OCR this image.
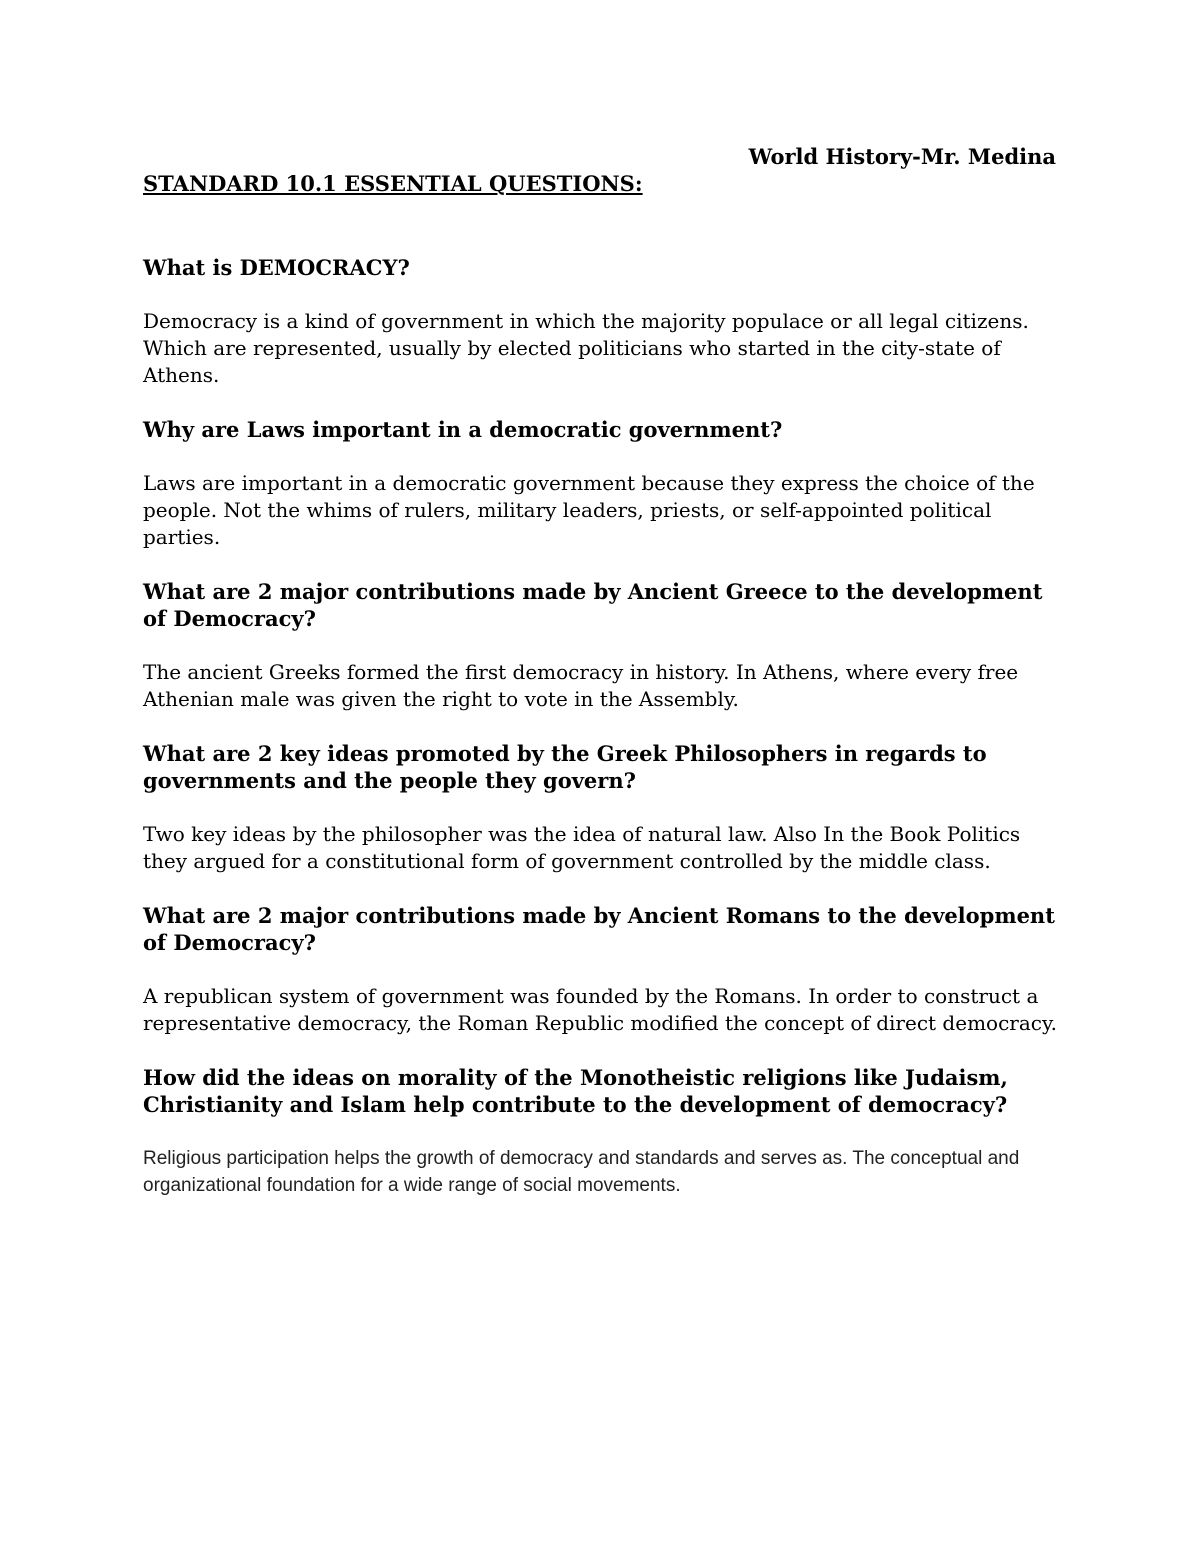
World History-Mr. Medina
STANDARD 10.1 ESSENTIAL QUESTIONS:
What is DEMOCRACY?
Democracy is a kind of government in which the majority populace or all legal citizens. Which are represented, usually by elected politicians who started in the city-state of Athens.
Why are Laws important in a democratic government?
Laws are important in a democratic government because they express the choice of the people. Not the whims of rulers, military leaders, priests, or self-appointed political parties.
What are 2 major contributions made by Ancient Greece to the development of Democracy?
The ancient Greeks formed the first democracy in history. In Athens, where every free Athenian male was given the right to vote in the Assembly.
What are 2 key ideas promoted by the Greek Philosophers in regards to governments and the people they govern?
Two key ideas by the philosopher was the idea of natural law. Also In the Book Politics they argued for a constitutional form of government controlled by the middle class.
What are 2 major contributions made by Ancient Romans to the development of Democracy?
A republican system of government was founded by the Romans. In order to construct a representative democracy, the Roman Republic modified the concept of direct democracy.
How did the ideas on morality of the Monotheistic religions like Judaism, Christianity and Islam help contribute to the development of democracy?
Religious participation helps the growth of democracy and standards and serves as. The conceptual and organizational foundation for a wide range of social movements.
